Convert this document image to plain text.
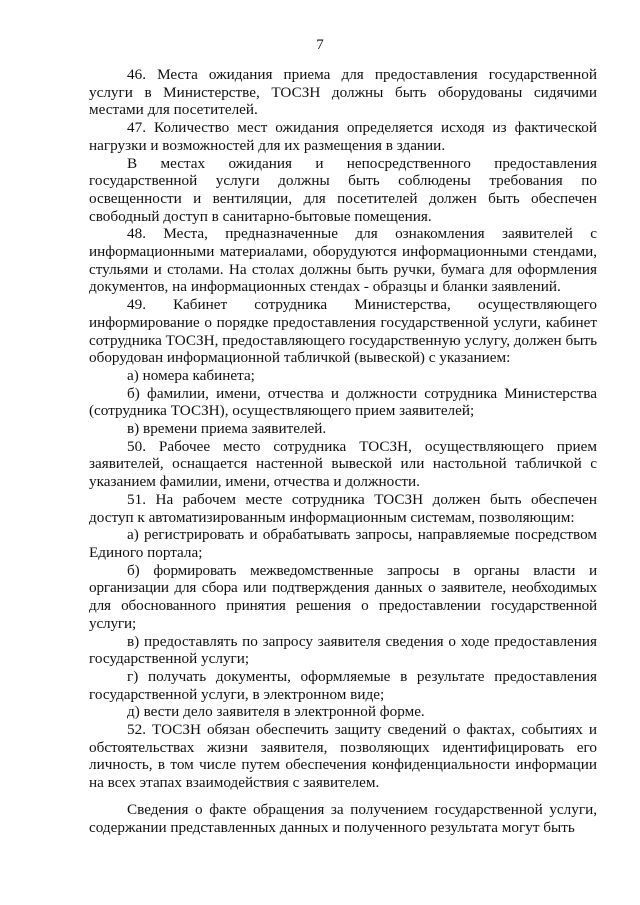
7

46. Места ожидания приема для предоставления государственной услуги в Министерстве, ТОСЗН должны быть оборудованы сидячими местами для посетителей.

47. Количество мест ожидания определяется исходя из фактической нагрузки и возможностей для их размещения в здании.

В местах ожидания и непосредственного предоставления государственной услуги должны быть соблюдены требования по освещенности и вентиляции, для посетителей должен быть обеспечен свободный доступ в санитарно-бытовые помещения.

48. Места, предназначенные для ознакомления заявителей с информационными материалами, оборудуются информационными стендами, стульями и столами. На столах должны быть ручки, бумага для оформления документов, на информационных стендах - образцы и бланки заявлений.

49. Кабинет сотрудника Министерства, осуществляющего информирование о порядке предоставления государственной услуги, кабинет сотрудника ТОСЗН, предоставляющего государственную услугу, должен быть оборудован информационной табличкой (вывеской) с указанием:

а) номера кабинета;

б) фамилии, имени, отчества и должности сотрудника Министерства (сотрудника ТОСЗН), осуществляющего прием заявителей;

в) времени приема заявителей.

50. Рабочее место сотрудника ТОСЗН, осуществляющего прием заявителей, оснащается настенной вывеской или настольной табличкой с указанием фамилии, имени, отчества и должности.

51. На рабочем месте сотрудника ТОСЗН должен быть обеспечен доступ к автоматизированным информационным системам, позволяющим:

а) регистрировать и обрабатывать запросы, направляемые посредством Единого портала;

б) формировать межведомственные запросы в органы власти и организации для сбора или подтверждения данных о заявителе, необходимых для обоснованного принятия решения о предоставлении государственной услуги;

в) предоставлять по запросу заявителя сведения о ходе предоставления государственной услуги;

г) получать документы, оформляемые в результате предоставления государственной услуги, в электронном виде;

д) вести дело заявителя в электронной форме.

52. ТОСЗН обязан обеспечить защиту сведений о фактах, событиях и обстоятельствах жизни заявителя, позволяющих идентифицировать его личность, в том числе путем обеспечения конфиденциальности информации на всех этапах взаимодействия с заявителем.

Сведения о факте обращения за получением государственной услуги, содержании представленных данных и полученного результата могут быть
